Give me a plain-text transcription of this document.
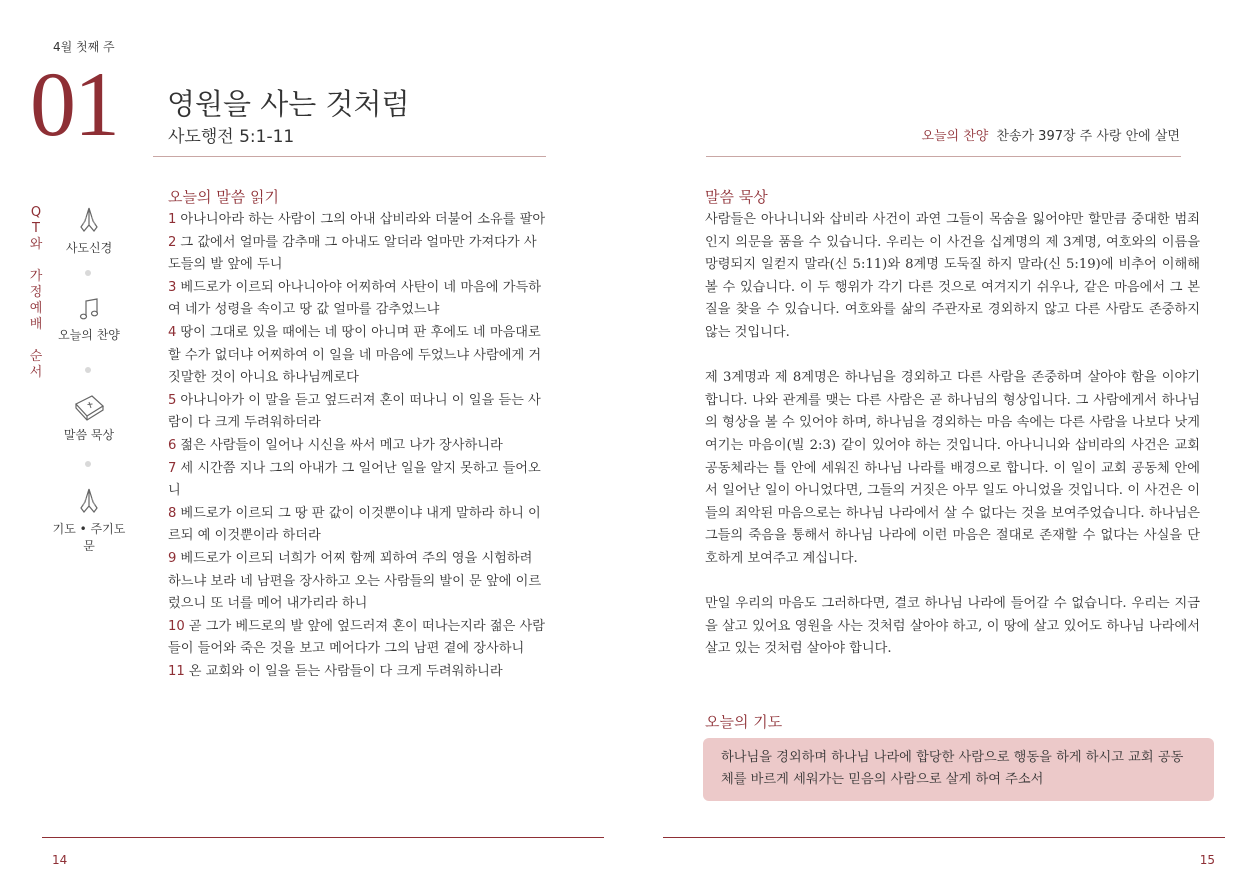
4월 첫째 주
01 영원을 사는 것처럼
사도행전 5:1-11	오늘의 찬양 찬송가 397장 주 사랑 안에 살면
Q
T
와
가
정
예
배
순
서
사도신경
오늘의 찬양
말씀 묵상
기도 • 주기도문
오늘의 말씀 읽기

1 아나니아라 하는 사람이 그의 아내 삽비라와 더불어 소유를 팔아

2 그 값에서 얼마를 감추매 그 아내도 알더라 얼마만 가져다가 사도들의 발 앞에 두니

3 베드로가 이르되 아나니아야 어찌하여 사탄이 네 마음에 가득하여 네가 성령을 속이고 땅 값 얼마를 감추었느냐

4 땅이 그대로 있을 때에는 네 땅이 아니며 판 후에도 네 마음대로 할 수가 없더냐 어찌하여 이 일을 네 마음에 두었느냐 사람에게 거짓말한 것이 아니요 하나님께로다

5 아나니아가 이 말을 듣고 엎드러져 혼이 떠나니 이 일을 듣는 사람이 다 크게 두려워하더라

6 젊은 사람들이 일어나 시신을 싸서 메고 나가 장사하니라

7 세 시간쯤 지나 그의 아내가 그 일어난 일을 알지 못하고 들어오니

8 베드로가 이르되 그 땅 판 값이 이것뿐이냐 내게 말하라 하니 이르되 예 이것뿐이라 하더라

9 베드로가 이르되 너희가 어찌 함께 꾀하여 주의 영을 시험하려 하느냐 보라 네 남편을 장사하고 오는 사람들의 발이 문 앞에 이르렀으니 또 너를 메어 내가리라 하니

10 곧 그가 베드로의 발 앞에 엎드러져 혼이 떠나는지라 젊은 사람들이 들어와 죽은 것을 보고 메어다가 그의 남편 곁에 장사하니

11 온 교회와 이 일을 듣는 사람들이 다 크게 두려워하니라

말씀 묵상

사람들은 아나니니와 삽비라 사건이 과연 그들이 목숨을 잃어야만 할만큼 중대한 범죄인지 의문을 품을 수 있습니다. 우리는 이 사건을 십계명의 제 3계명, 여호와의 이름을 망령되지 일컫지 말라(신 5:11)와 8계명 도둑질 하지 말라(신 5:19)에 비추어 이해해 볼 수 있습니다. 이 두 행위가 각기 다른 것으로 여겨지기 쉬우나, 같은 마음에서 그 본질을 찾을 수 있습니다. 여호와를 삶의 주관자로 경외하지 않고 다른 사람도 존중하지 않는 것입니다.

제 3계명과 제 8계명은 하나님을 경외하고 다른 사람을 존중하며 살아야 함을 이야기 합니다. 나와 관계를 맺는 다른 사람은 곧 하나님의 형상입니다. 그 사람에게서 하나님의 형상을 볼 수 있어야 하며, 하나님을 경외하는 마음 속에는 다른 사람을 나보다 낫게 여기는 마음이(빌 2:3) 같이 있어야 하는 것입니다. 아나니니와 삽비라의 사건은 교회 공동체라는 틀 안에 세워진 하나님 나라를 배경으로 합니다. 이 일이 교회 공동체 안에서 일어난 일이 아니었다면, 그들의 거짓은 아무 일도 아니었을 것입니다. 이 사건은 이들의 죄악된 마음으로는 하나님 나라에서 살 수 없다는 것을 보여주었습니다. 하나님은 그들의 죽음을 통해서 하나님 나라에 이런 마음은 절대로 존재할 수 없다는 사실을 단호하게 보여주고 계십니다.

만일 우리의 마음도 그러하다면, 결코 하나님 나라에 들어갈 수 없습니다. 우리는 지금을 살고 있어요 영원을 사는 것처럼 살아야 하고, 이 땅에 살고 있어도 하나님 나라에서 살고 있는 것처럼 살아야 합니다.

오늘의 기도
하나님을 경외하며 하나님 나라에 합당한 사람으로 행동을 하게 하시고 교회 공동체를 바르게 세워가는 믿음의 사람으로 살게 하여 주소서
14	15
